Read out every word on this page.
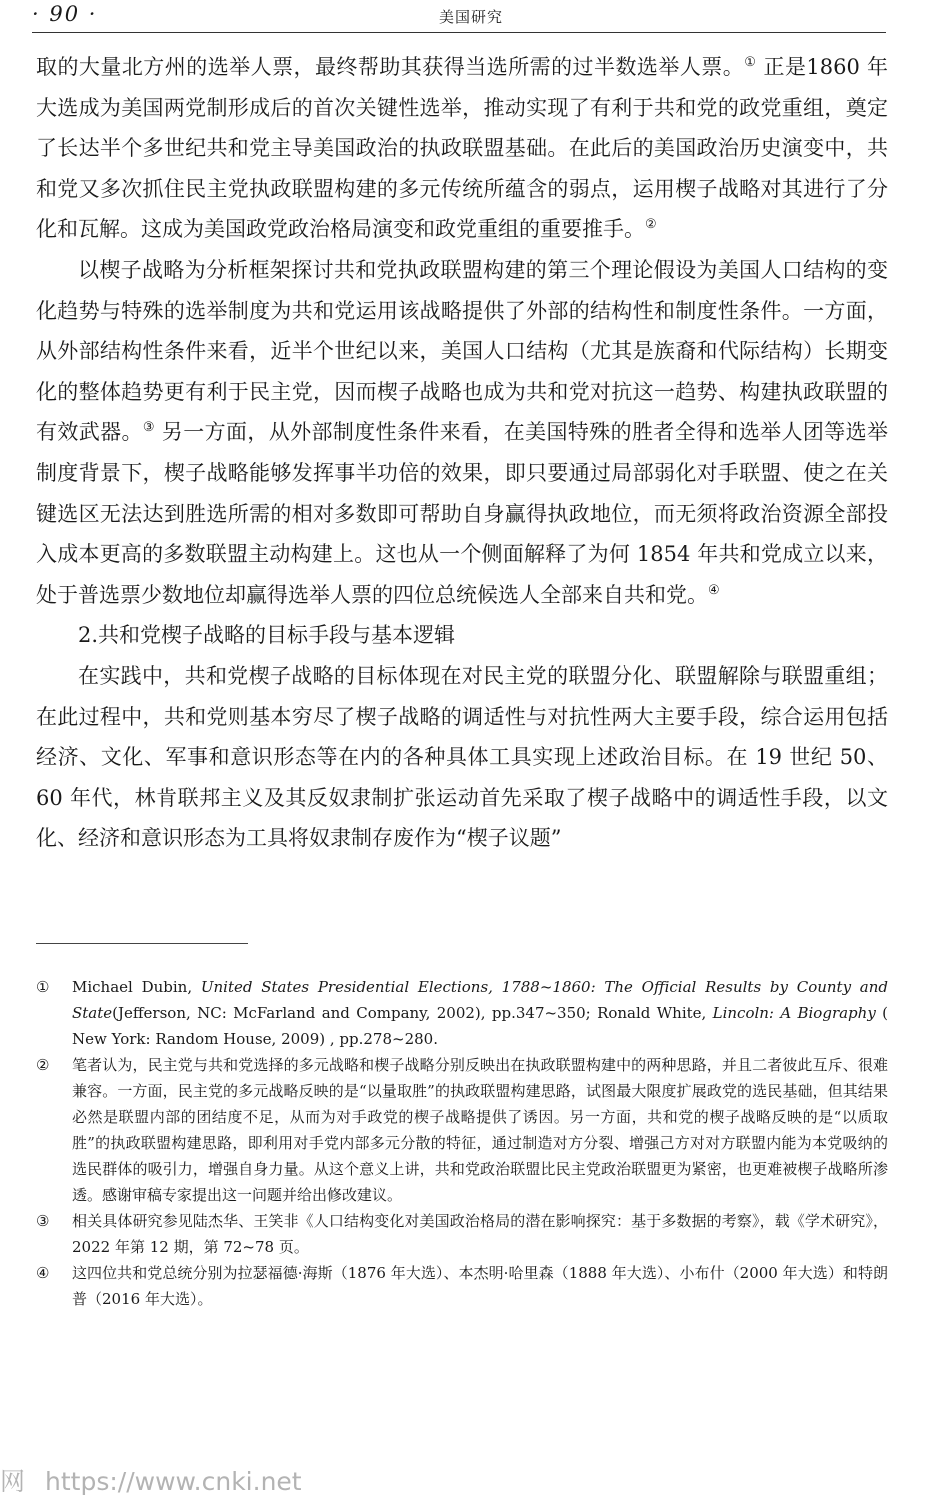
· 90 ·	美国研究

取的大量北方州的选举人票，最终帮助其获得当选所需的过半数选举人票。① 正是1860 年大选成为美国两党制形成后的首次关键性选举，推动实现了有利于共和党的政党重组，奠定了长达半个多世纪共和党主导美国政治的执政联盟基础。在此后的美国政治历史演变中，共和党又多次抓住民主党执政联盟构建的多元传统所蕴含的弱点，运用楔子战略对其进行了分化和瓦解。这成为美国政党政治格局演变和政党重组的重要推手。②

以楔子战略为分析框架探讨共和党执政联盟构建的第三个理论假设为美国人口结构的变化趋势与特殊的选举制度为共和党运用该战略提供了外部的结构性和制度性条件。一方面，从外部结构性条件来看，近半个世纪以来，美国人口结构（尤其是族裔和代际结构）长期变化的整体趋势更有利于民主党，因而楔子战略也成为共和党对抗这一趋势、构建执政联盟的有效武器。③ 另一方面，从外部制度性条件来看，在美国特殊的胜者全得和选举人团等选举制度背景下，楔子战略能够发挥事半功倍的效果，即只要通过局部弱化对手联盟、使之在关键选区无法达到胜选所需的相对多数即可帮助自身赢得执政地位，而无须将政治资源全部投入成本更高的多数联盟主动构建上。这也从一个侧面解释了为何 1854 年共和党成立以来，处于普选票少数地位却赢得选举人票的四位总统候选人全部来自共和党。④

2.共和党楔子战略的目标手段与基本逻辑

在实践中，共和党楔子战略的目标体现在对民主党的联盟分化、联盟解除与联盟重组；在此过程中，共和党则基本穷尽了楔子战略的调适性与对抗性两大主要手段，综合运用包括经济、文化、军事和意识形态等在内的各种具体工具实现上述政治目标。在 19 世纪 50、60 年代，林肯联邦主义及其反奴隶制扩张运动首先采取了楔子战略中的调适性手段，以文化、经济和意识形态为工具将奴隶制存废作为“楔子议题”

① Michael Dubin, United States Presidential Elections, 1788~1860: The Official Results by County and State(Jefferson, NC: McFarland and Company, 2002), pp.347~350; Ronald White, Lincoln: A Biography ( New York: Random House, 2009) , pp.278~280.
② 笔者认为，民主党与共和党选择的多元战略和楔子战略分别反映出在执政联盟构建中的两种思路，并且二者彼此互斥、很难兼容。一方面，民主党的多元战略反映的是“以量取胜”的执政联盟构建思路，试图最大限度扩展政党的选民基础，但其结果必然是联盟内部的团结度不足，从而为对手政党的楔子战略提供了诱因。另一方面，共和党的楔子战略反映的是“以质取胜”的执政联盟构建思路，即利用对手党内部多元分散的特征，通过制造对方分裂、增强己方对对方联盟内能为本党吸纳的选民群体的吸引力，增强自身力量。从这个意义上讲，共和党政治联盟比民主党政治联盟更为紧密，也更难被楔子战略所渗透。感谢审稿专家提出这一问题并给出修改建议。
③ 相关具体研究参见陆杰华、王笑非《人口结构变化对美国政治格局的潜在影响探究：基于多数据的考察》，载《学术研究》，2022 年第 12 期，第 72~78 页。
④ 这四位共和党总统分别为拉瑟福德·海斯（1876 年大选）、本杰明·哈里森（1888 年大选）、小布什（2000 年大选）和特朗普（2016 年大选）。
网 https://www.cnki.net
